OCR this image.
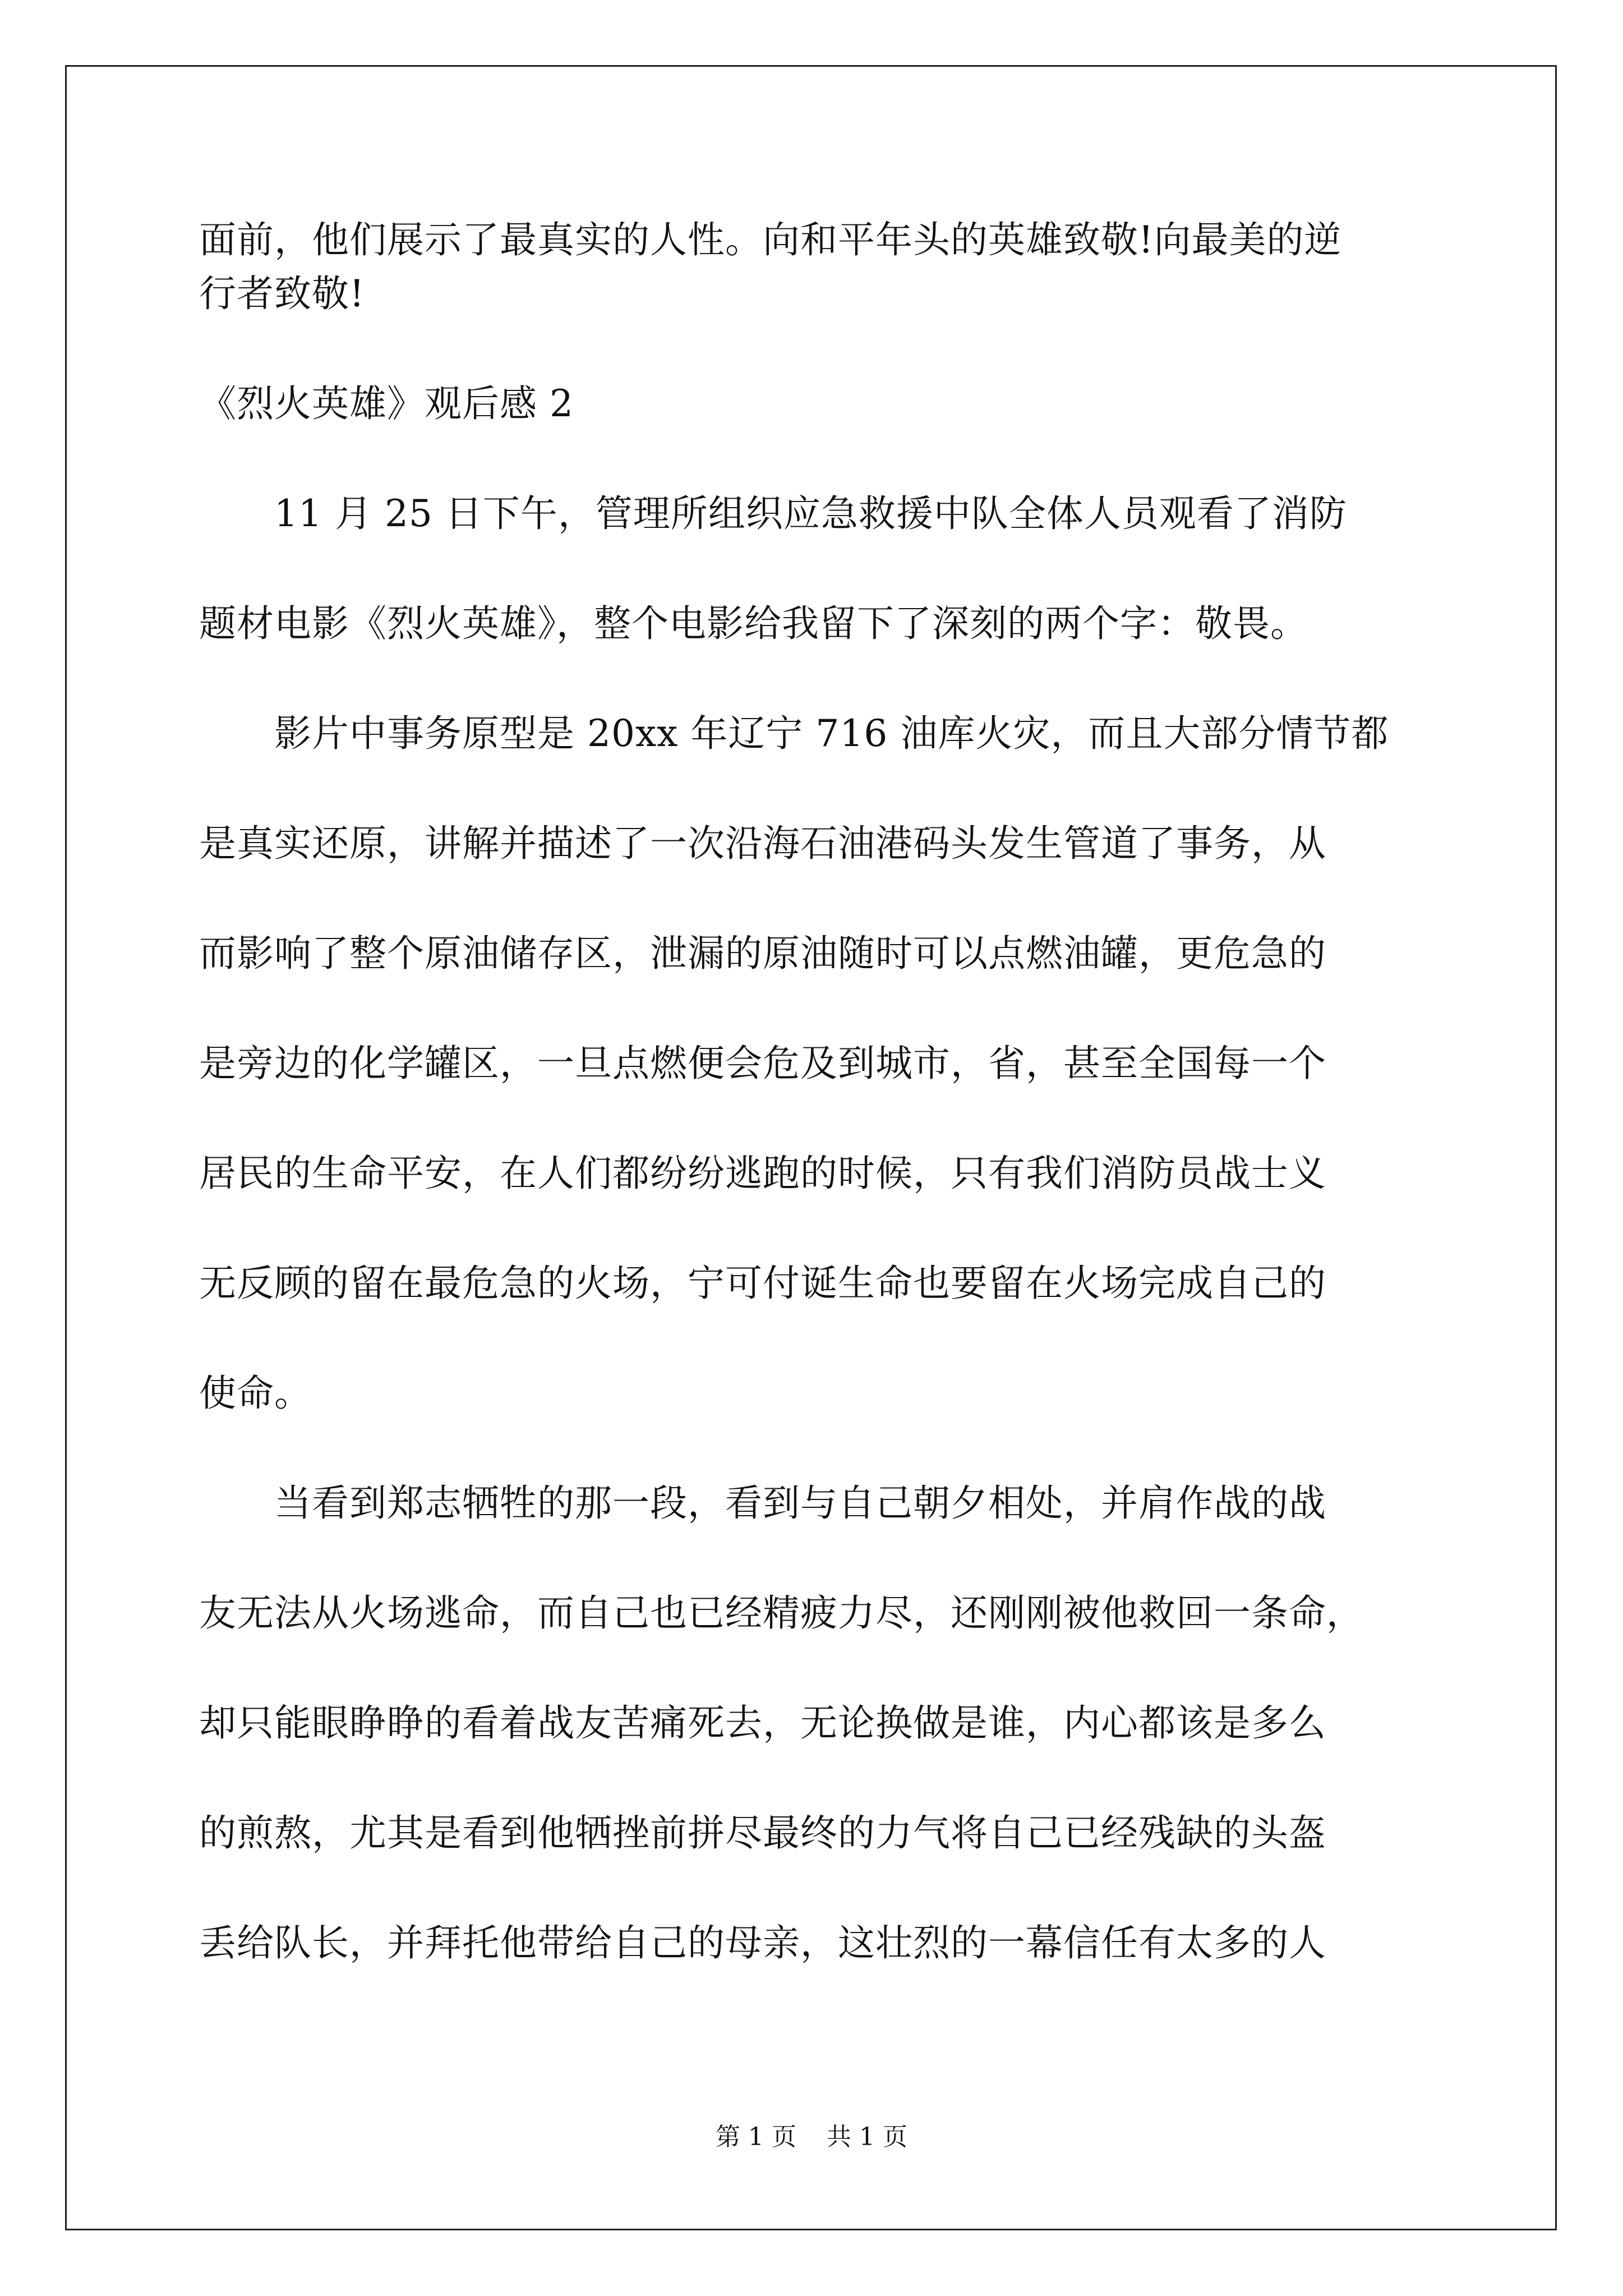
面前，他们展示了最真实的人性。向和平年头的英雄致敬!向最美的逆

行者致敬!

《烈火英雄》观后感 2

　　11 月 25 日下午，管理所组织应急救援中队全体人员观看了消防

题材电影《烈火英雄》，整个电影给我留下了深刻的两个字：敬畏。

　　影片中事务原型是 20xx 年辽宁 716 油库火灾，而且大部分情节都

是真实还原，讲解并描述了一次沿海石油港码头发生管道了事务，从

而影响了整个原油储存区，泄漏的原油随时可以点燃油罐，更危急的

是旁边的化学罐区，一旦点燃便会危及到城市，省，甚至全国每一个

居民的生命平安，在人们都纷纷逃跑的时候，只有我们消防员战士义

无反顾的留在最危急的火场，宁可付诞生命也要留在火场完成自己的

使命。

　　当看到郑志牺牲的那一段，看到与自己朝夕相处，并肩作战的战

友无法从火场逃命，而自己也已经精疲力尽，还刚刚被他救回一条命，

却只能眼睁睁的看着战友苦痛死去，无论换做是谁，内心都该是多么

的煎熬，尤其是看到他牺挫前拼尽最终的力气将自己已经残缺的头盔

丢给队长，并拜托他带给自己的母亲，这壮烈的一幕信任有太多的人

第 1 页 共 1 页
